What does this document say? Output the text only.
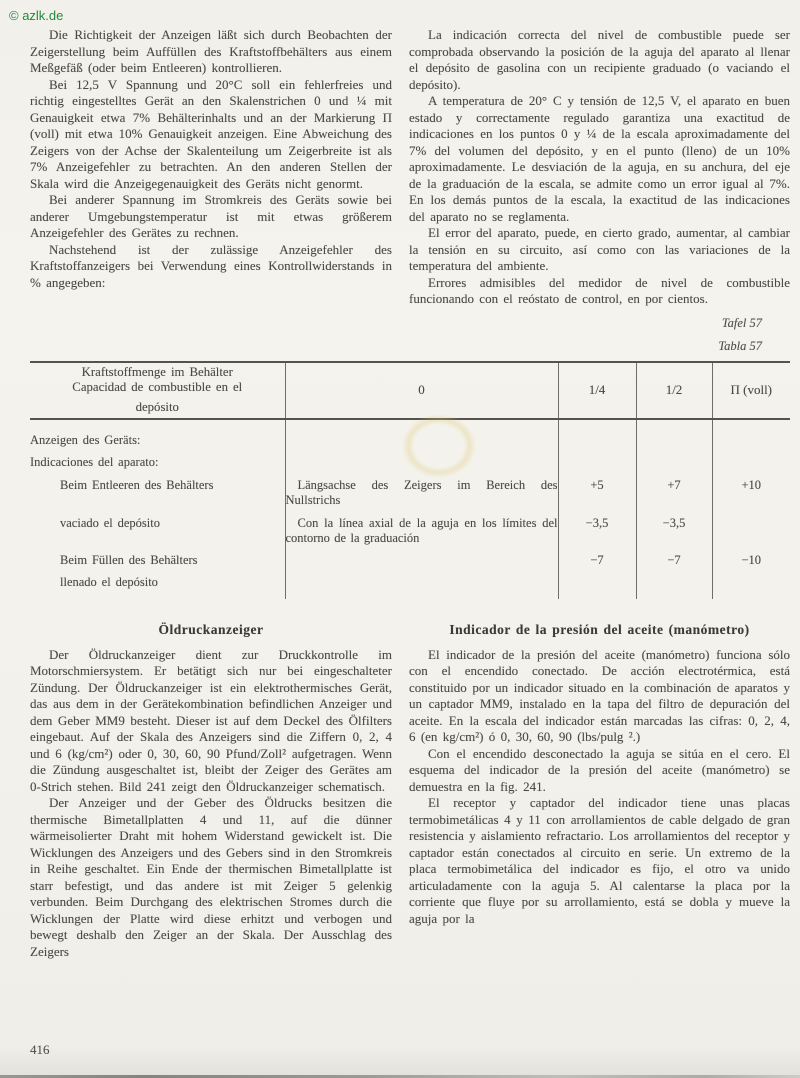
© azlk.de

Die Richtigkeit der Anzeigen läßt sich durch Beobachten der Zeigerstellung beim Auffüllen des Kraftstoffbehälters aus einem Meßgefäß (oder beim Entleeren) kontrollieren.

Bei 12,5 V Spannung und 20°C soll ein fehlerfreies und richtig eingestelltes Gerät an den Skalenstrichen 0 und ¼ mit Genauigkeit etwa 7% Behälterinhalts und an der Markierung Π (voll) mit etwa 10% Genauigkeit anzeigen. Eine Abweichung des Zeigers von der Achse der Skalenteilung um Zeigerbreite ist als 7% Anzeigefehler zu betrachten. An den anderen Stellen der Skala wird die Anzeigegenauigkeit des Geräts nicht genormt.

Bei anderer Spannung im Stromkreis des Geräts sowie bei anderer Umgebungstemperatur ist mit etwas größerem Anzeigefehler des Gerätes zu rechnen.

Nachstehend ist der zulässige Anzeigefehler des Kraftstoffanzeigers bei Verwendung eines Kontrollwiderstands in % angegeben:

La indicación correcta del nivel de combustible puede ser comprobada observando la posición de la aguja del aparato al llenar el depósito de gasolina con un recipiente graduado (o vaciando el depósito).

A temperatura de 20° C y tensión de 12,5 V, el aparato en buen estado y correctamente regulado garantiza una exactitud de indicaciones en los puntos 0 y ¼ de la escala aproximadamente del 7% del volumen del depósito, y en el punto (lleno) de un 10% aproximadamente. Le desviación de la aguja, en su anchura, del eje de la graduación de la escala, se admite como un error igual al 7%. En los demás puntos de la escala, la exactitud de las indicaciones del aparato no se reglamenta.

El error del aparato, puede, en cierto grado, aumentar, al cambiar la tensión en su circuito, así como con las variaciones de la temperatura del ambiente.

Errores admisibles del medidor de nivel de combustible funcionando con el reóstato de control, en por cientos.

Tafel 57
Tabla 57
Kraftstoffmenge im Behälter
Capacidad de combustible en el
depósito	0	1/4	1/2	Π (voll)
Anzeigen des Geräts:				
Indicaciones del aparato:				
Beim Entleeren des Behälters	Längsachse des Zeigers im Bereich des Nullstrichs	+5	+7	+10
vaciado el depósito	Con la línea axial de la aguja en los límites del contorno de la graduación	−3,5	−3,5	
Beim Füllen des Behälters		−7	−7	−10
llenado el depósito				
Öldruckanzeiger

Der Öldruckanzeiger dient zur Druckkontrolle im Motorschmiersystem. Er betätigt sich nur bei eingeschalteter Zündung. Der Öldruckanzeiger ist ein elektrothermisches Gerät, das aus dem in der Gerätekombination befindlichen Anzeiger und dem Geber MM9 besteht. Dieser ist auf dem Deckel des Ölfilters eingebaut. Auf der Skala des Anzeigers sind die Ziffern 0, 2, 4 und 6 (kg/cm²) oder 0, 30, 60, 90 Pfund/Zoll² aufgetragen. Wenn die Zündung ausgeschaltet ist, bleibt der Zeiger des Gerätes am 0-Strich stehen. Bild 241 zeigt den Öldruckanzeiger schematisch.

Der Anzeiger und der Geber des Öldrucks besitzen die thermische Bimetallplatten 4 und 11, auf die dünner wärmeisolierter Draht mit hohem Widerstand gewickelt ist. Die Wicklungen des Anzeigers und des Gebers sind in den Stromkreis in Reihe geschaltet. Ein Ende der thermischen Bimetallplatte ist starr befestigt, und das andere ist mit Zeiger 5 gelenkig verbunden. Beim Durchgang des elektrischen Stromes durch die Wicklungen der Platte wird diese erhitzt und verbogen und bewegt deshalb den Zeiger an der Skala. Der Ausschlag des Zeigers

Indicador de la presión del aceite (manómetro)

El indicador de la presión del aceite (manómetro) funciona sólo con el encendido conectado. De acción electrotérmica, está constituido por un indicador situado en la combinación de aparatos y un captador MM9, instalado en la tapa del filtro de depuración del aceite. En la escala del indicador están marcadas las cifras: 0, 2, 4, 6 (en kg/cm²) ó 0, 30, 60, 90 (lbs/pulg ².)

Con el encendido desconectado la aguja se sitúa en el cero. El esquema del indicador de la presión del aceite (manómetro) se demuestra en la fig. 241.

El receptor y captador del indicador tiene unas placas termobimetálicas 4 y 11 con arrollamientos de cable delgado de gran resistencia y aislamiento refractario. Los arrollamientos del receptor y captador están conectados al circuito en serie. Un extremo de la placa termobimetálica del indicador es fijo, el otro va unido articuladamente con la aguja 5. Al calentarse la placa por la corriente que fluye por su arrollamiento, está se dobla y mueve la aguja por la

416
